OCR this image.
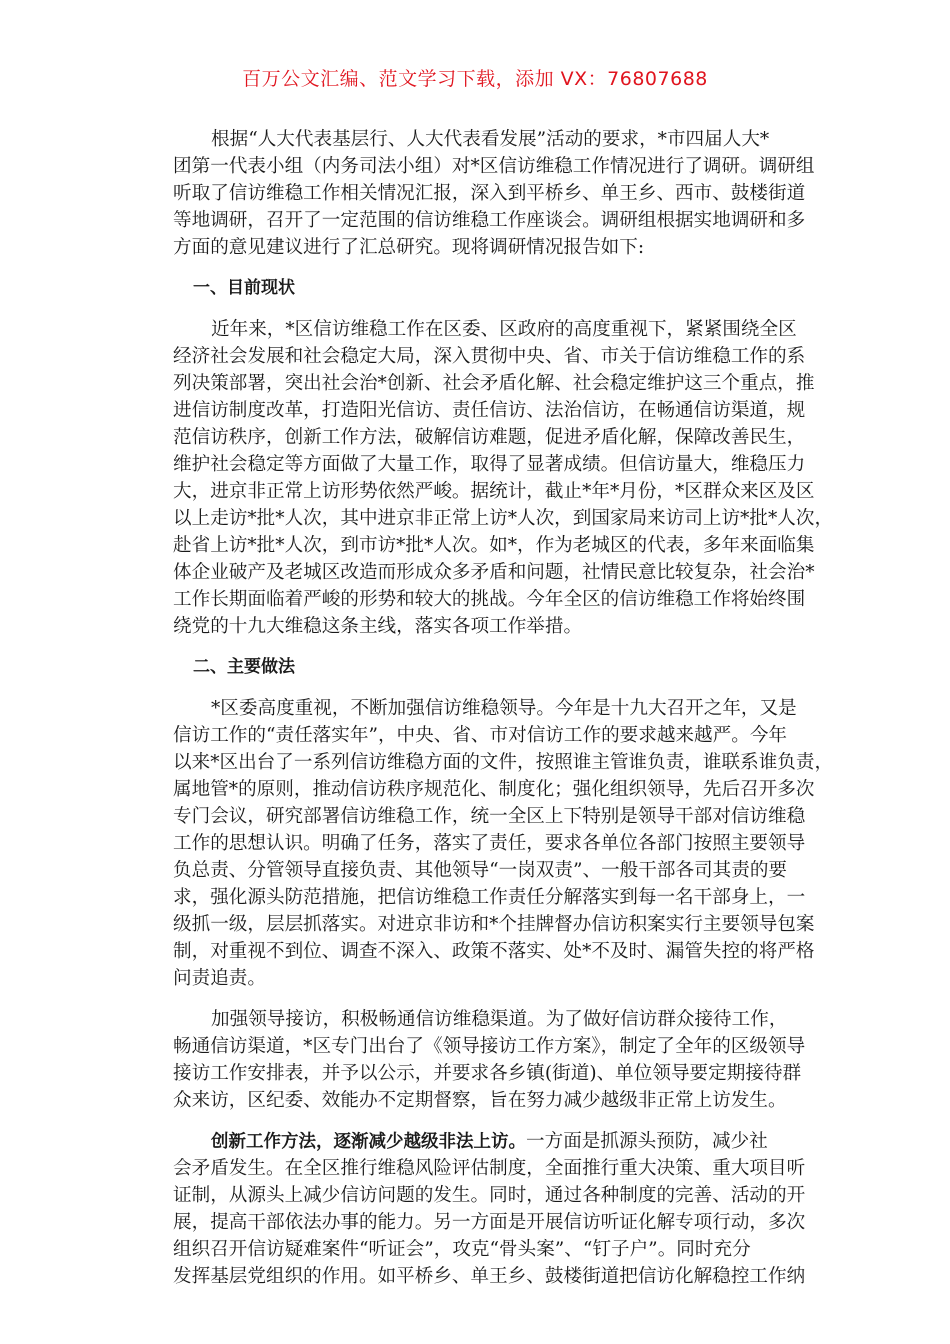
百万公文汇编、范文学习下载，添加 VX：76807688
根据“人大代表基层行、人大代表看发展”活动的要求，*市四届人大*
团第一代表小组（内务司法小组）对*区信访维稳工作情况进行了调研。调研组
听取了信访维稳工作相关情况汇报，深入到平桥乡、单王乡、西市、鼓楼街道
等地调研，召开了一定范围的信访维稳工作座谈会。调研组根据实地调研和多
方面的意见建议进行了汇总研究。现将调研情况报告如下:
一、目前现状
近年来，*区信访维稳工作在区委、区政府的高度重视下，紧紧围绕全区
经济社会发展和社会稳定大局，深入贯彻中央、省、市关于信访维稳工作的系
列决策部署，突出社会治*创新、社会矛盾化解、社会稳定维护这三个重点，推
进信访制度改革，打造阳光信访、责任信访、法治信访，在畅通信访渠道，规
范信访秩序，创新工作方法，破解信访难题，促进矛盾化解，保障改善民生，
维护社会稳定等方面做了大量工作，取得了显著成绩。但信访量大，维稳压力
大，进京非正常上访形势依然严峻。据统计，截止*年*月份，*区群众来区及区
以上走访*批*人次，其中进京非正常上访*人次，到国家局来访司上访*批*人次，
赴省上访*批*人次，到市访*批*人次。如*，作为老城区的代表，多年来面临集
体企业破产及老城区改造而形成众多矛盾和问题，社情民意比较复杂，社会治*
工作长期面临着严峻的形势和较大的挑战。今年全区的信访维稳工作将始终围
绕党的十九大维稳这条主线，落实各项工作举措。
二、主要做法
*区委高度重视，不断加强信访维稳领导。今年是十九大召开之年，又是
信访工作的“责任落实年”，中央、省、市对信访工作的要求越来越严。今年
以来*区出台了一系列信访维稳方面的文件，按照谁主管谁负责，谁联系谁负责，
属地管*的原则，推动信访秩序规范化、制度化；强化组织领导，先后召开多次
专门会议，研究部署信访维稳工作，统一全区上下特别是领导干部对信访维稳
工作的思想认识。明确了任务，落实了责任，要求各单位各部门按照主要领导
负总责、分管领导直接负责、其他领导“一岗双责”、一般干部各司其责的要
求，强化源头防范措施，把信访维稳工作责任分解落实到每一名干部身上，一
级抓一级，层层抓落实。对进京非访和*个挂牌督办信访积案实行主要领导包案
制，对重视不到位、调查不深入、政策不落实、处*不及时、漏管失控的将严格
问责追责。
加强领导接访，积极畅通信访维稳渠道。为了做好信访群众接待工作，
畅通信访渠道，*区专门出台了《领导接访工作方案》，制定了全年的区级领导
接访工作安排表，并予以公示，并要求各乡镇(街道)、单位领导要定期接待群
众来访，区纪委、效能办不定期督察，旨在努力减少越级非正常上访发生。
创新工作方法，逐渐减少越级非法上访。一方面是抓源头预防，减少社
会矛盾发生。在全区推行维稳风险评估制度，全面推行重大决策、重大项目听
证制，从源头上减少信访问题的发生。同时，通过各种制度的完善、活动的开
展，提高干部依法办事的能力。另一方面是开展信访听证化解专项行动，多次
组织召开信访疑难案件“听证会”，攻克“骨头案”、“钉子户”。同时充分
发挥基层党组织的作用。如平桥乡、单王乡、鼓楼街道把信访化解稳控工作纳
